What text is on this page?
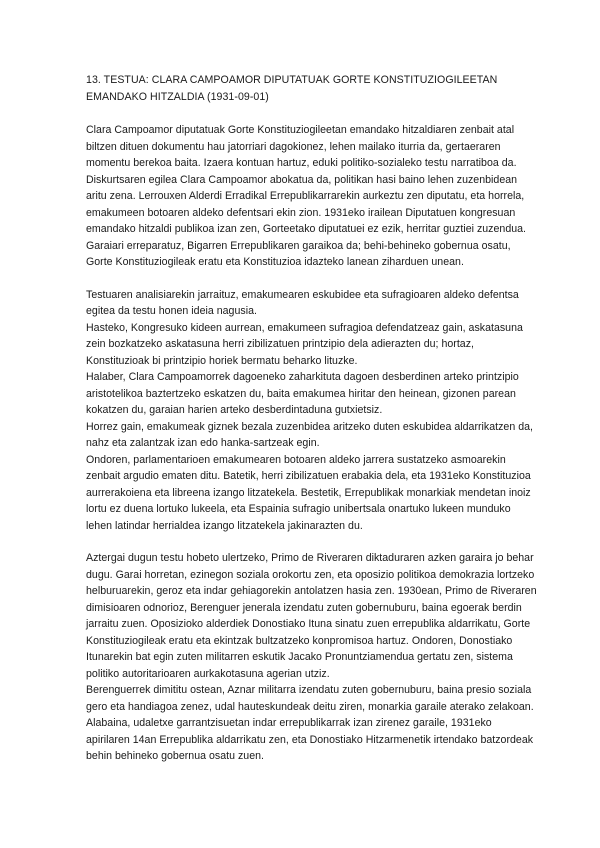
13. TESTUA: CLARA CAMPOAMOR DIPUTATUAK GORTE KONSTITUZIOGILEETAN EMANDAKO HITZALDIA (1931-09-01)

Clara Campoamor diputatuak Gorte Konstituziogileetan emandako hitzaldiaren zenbait atal biltzen dituen dokumentu hau jatorriari dagokionez, lehen mailako iturria da, gertaeraren momentu berekoa baita. Izaera kontuan hartuz, eduki politiko-sozialeko testu narratiboa da. Diskurtsaren egilea Clara Campoamor abokatua da, politikan hasi baino lehen zuzenbidean aritu zena. Lerrouxen Alderdi Erradikal Errepublikarrarekin aurkeztu zen diputatu, eta horrela, emakumeen botoaren aldeko defentsari ekin zion. 1931eko irailean Diputatuen kongresuan emandako hitzaldi publikoa izan zen, Gorteetako diputatuei ez ezik, herritar guztiei zuzendua. Garaiari erreparatuz, Bigarren Errepublikaren garaikoa da; behi-behineko gobernua osatu, Gorte Konstituziogileak eratu eta Konstituzioa idazteko lanean ziharduen unean.

Testuaren analisiarekin jarraituz, emakumearen eskubidee eta sufragioaren aldeko defentsa egitea da testu honen ideia nagusia.

Hasteko, Kongresuko kideen aurrean, emakumeen sufragioa defendatzeaz gain, askatasuna zein bozkatzeko askatasuna herri zibilizatuen printzipio dela adierazten du; hortaz, Konstituzioak bi printzipio horiek bermatu beharko lituzke.

Halaber, Clara Campoamorrek dagoeneko zaharkituta dagoen desberdinen arteko printzipio aristotelikoa baztertzeko eskatzen du, baita emakumea hiritar den heinean, gizonen parean kokatzen du, garaian harien arteko desberdintaduna gutxietsiz.

Horrez gain, emakumeak giznek bezala zuzenbidea aritzeko duten eskubidea aldarrikatzen da, nahz eta zalantzak izan edo hanka-sartzeak egin.

Ondoren, parlamentarioen emakumearen botoaren aldeko jarrera sustatzeko asmoarekin zenbait argudio ematen ditu. Batetik, herri zibilizatuen erabakia dela, eta 1931eko Konstituzioa aurrerakoiena eta libreena izango litzatekela. Bestetik, Errepublikak monarkiak mendetan inoiz lortu ez duena lortuko lukeela, eta Espainia sufragio unibertsala onartuko lukeen munduko lehen latindar herrialdea izango litzatekela jakinarazten du.

Aztergai dugun testu hobeto ulertzeko, Primo de Riveraren diktaduraren azken garaira jo behar dugu. Garai horretan, ezinegon soziala orokortu zen, eta oposizio politikoa demokrazia lortzeko helburuarekin, geroz eta indar gehiagorekin antolatzen hasia zen. 1930ean, Primo de Riveraren dimisioaren odnorioz, Berenguer jenerala izendatu zuten gobernuburu, baina egoerak berdin jarraitu zuen. Oposizioko alderdiek Donostiako Ituna sinatu zuen errepublika aldarrikatu, Gorte Konstituziogileak eratu eta ekintzak bultzatzeko konpromisoa hartuz. Ondoren, Donostiako Itunarekin bat egin zuten militarren eskutik Jacako Pronuntziamendua gertatu zen, sistema politiko autoritarioaren aurkakotasuna agerian utziz.

Berenguerrek dimititu ostean, Aznar militarra izendatu zuten gobernuburu, baina presio soziala gero eta handiagoa zenez, udal hauteskundeak deitu ziren, monarkia garaile aterako zelakoan. Alabaina, udaletxe garrantzisuetan indar errepublikarrak izan zirenez garaile, 1931eko apirilaren 14an Errepublika aldarrikatu zen, eta Donostiako Hitzarmenetik irtendako batzordeak behin behineko gobernua osatu zuen.
